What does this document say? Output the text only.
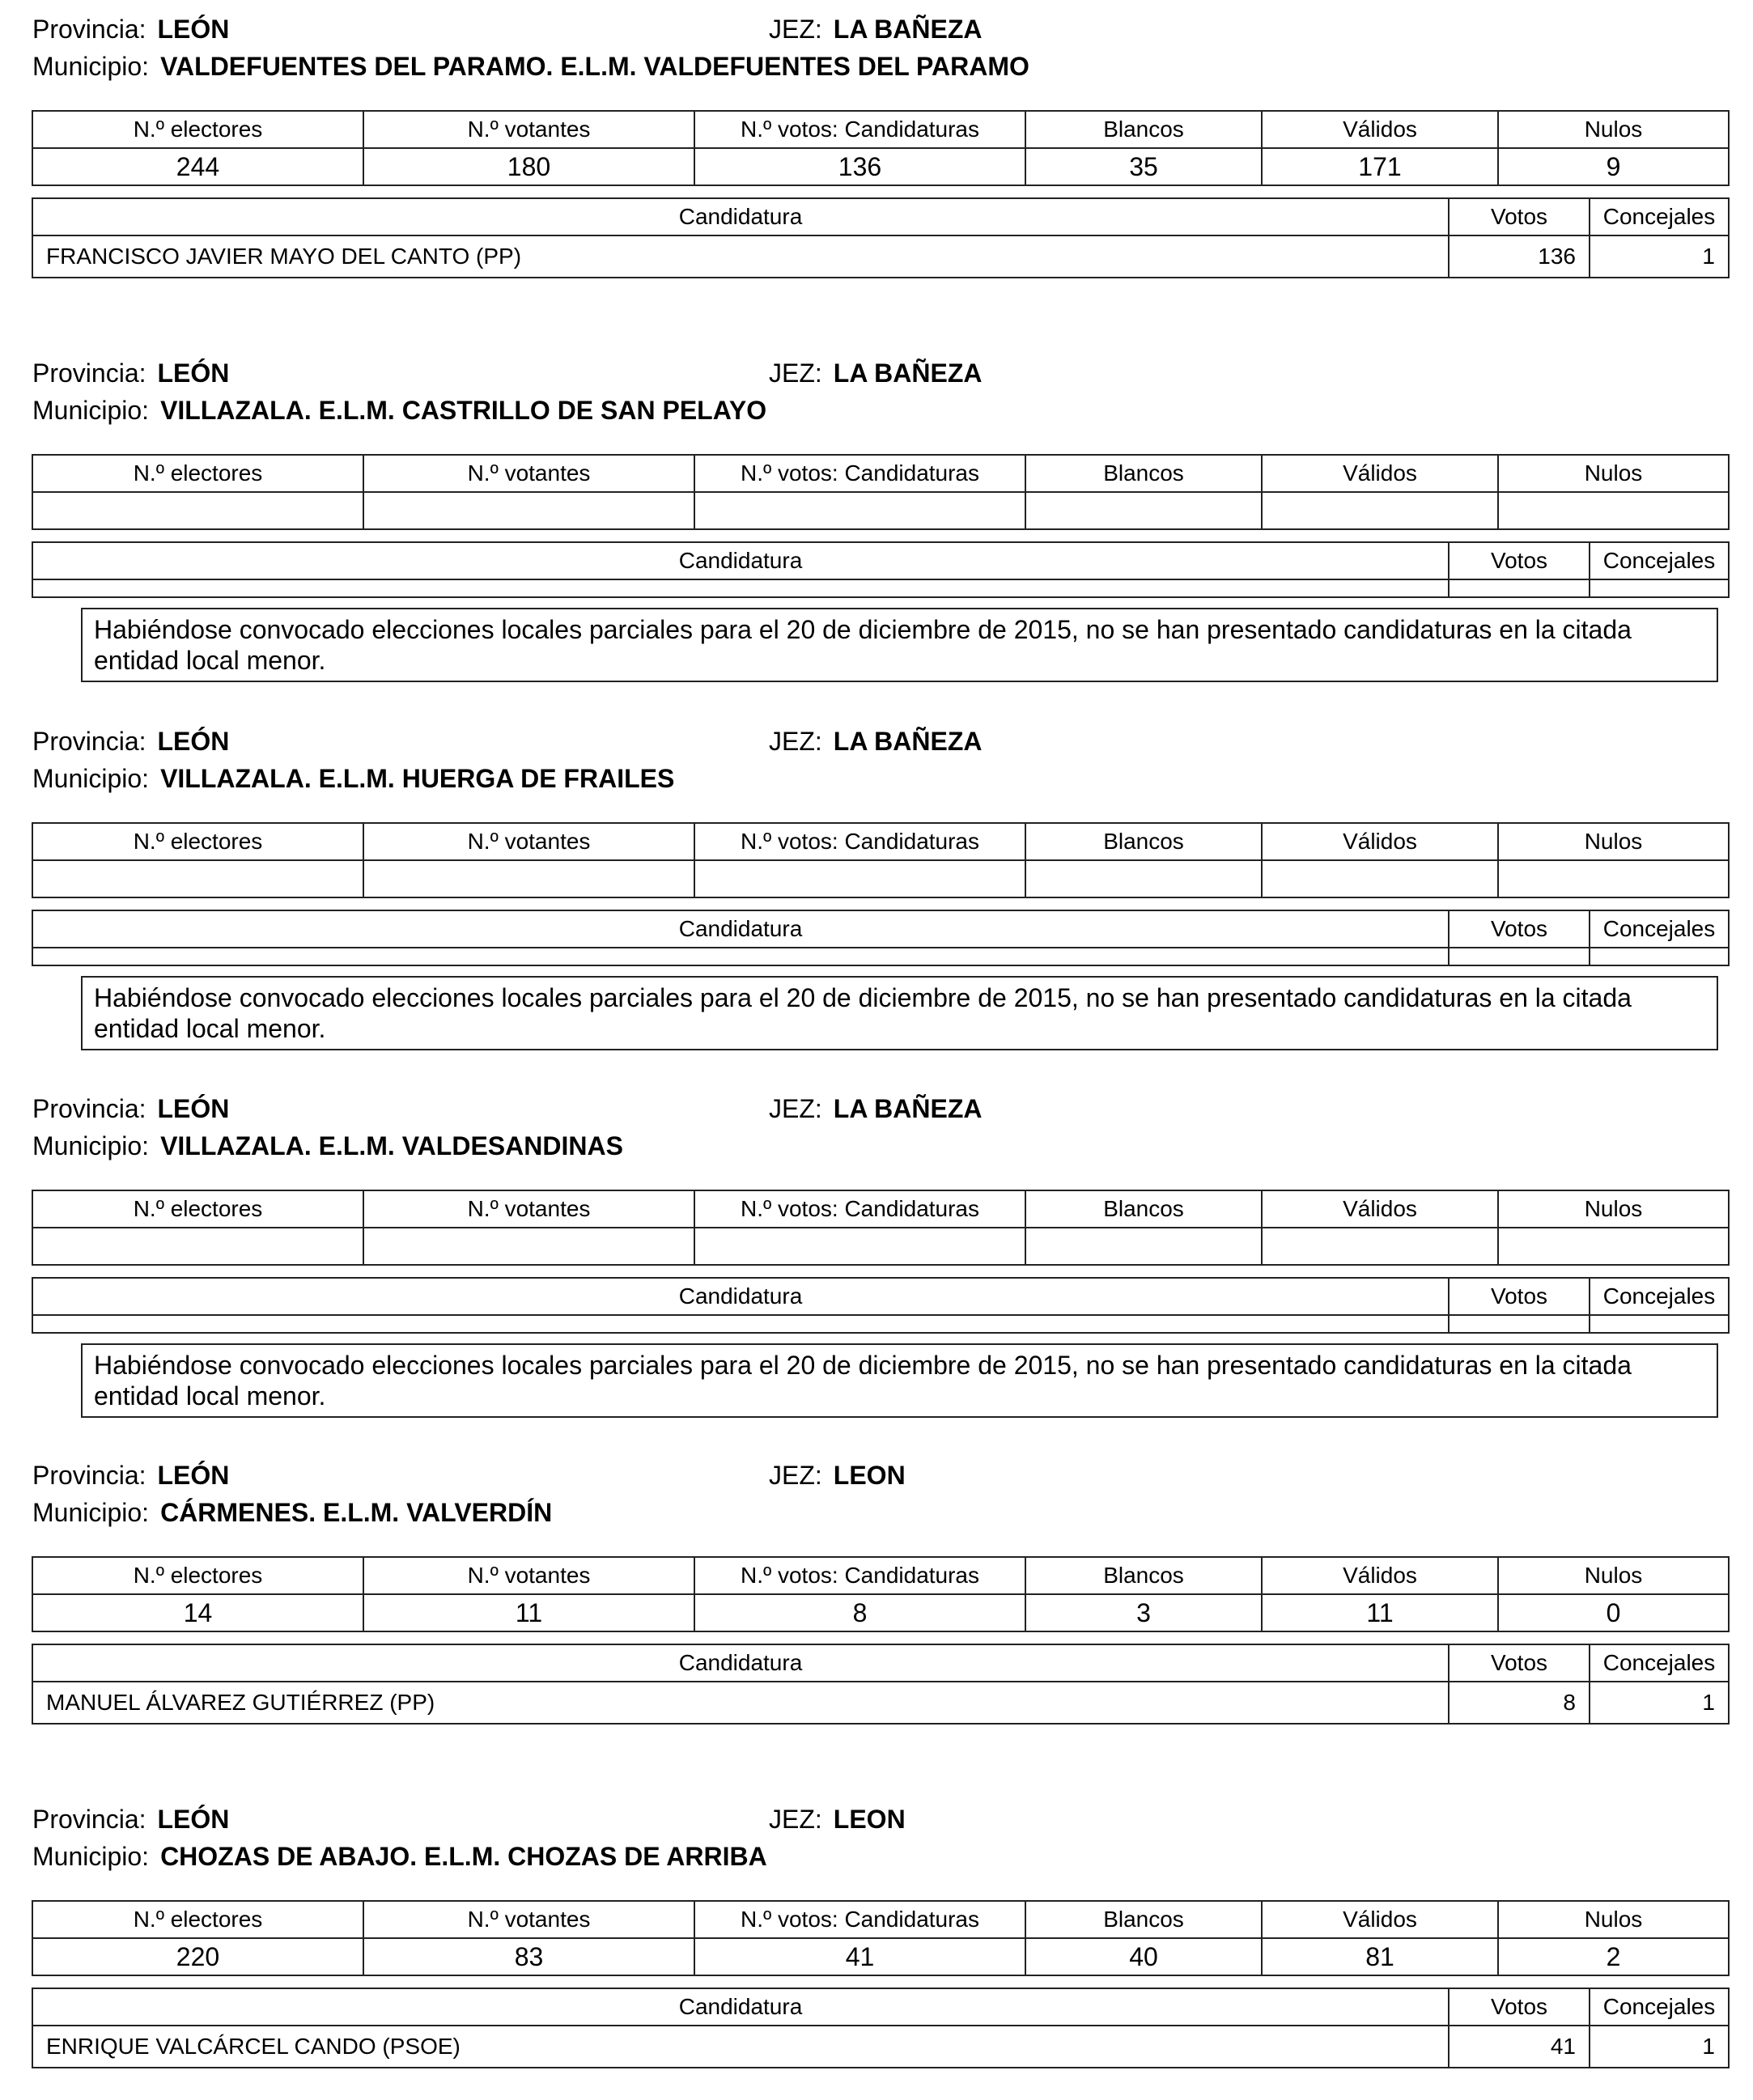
Provincia: LEÓN	JEZ: LA BAÑEZA
Municipio: VALDEFUENTES DEL PARAMO. E.L.M. VALDEFUENTES DEL PARAMO
N.º electores	N.º votantes	N.º votos: Candidaturas	Blancos	Válidos	Nulos
244	180	136	35	171	9
Candidatura	Votos	Concejales
FRANCISCO JAVIER MAYO DEL CANTO (PP)	136	1
Provincia: LEÓN	JEZ: LA BAÑEZA
Municipio: VILLAZALA. E.L.M. CASTRILLO DE SAN PELAYO
N.º electores	N.º votantes	N.º votos: Candidaturas	Blancos	Válidos	Nulos

Candidatura	Votos	Concejales

Habiéndose convocado elecciones locales parciales para el 20 de diciembre de 2015, no se han presentado candidaturas en la citada entidad local menor.
Provincia: LEÓN	JEZ: LA BAÑEZA
Municipio: VILLAZALA. E.L.M. HUERGA DE FRAILES
N.º electores	N.º votantes	N.º votos: Candidaturas	Blancos	Válidos	Nulos

Candidatura	Votos	Concejales

Habiéndose convocado elecciones locales parciales para el 20 de diciembre de 2015, no se han presentado candidaturas en la citada entidad local menor.
Provincia: LEÓN	JEZ: LA BAÑEZA
Municipio: VILLAZALA. E.L.M. VALDESANDINAS
N.º electores	N.º votantes	N.º votos: Candidaturas	Blancos	Válidos	Nulos

Candidatura	Votos	Concejales

Habiéndose convocado elecciones locales parciales para el 20 de diciembre de 2015, no se han presentado candidaturas en la citada entidad local menor.
Provincia: LEÓN	JEZ: LEON
Municipio: CÁRMENES. E.L.M. VALVERDÍN
N.º electores	N.º votantes	N.º votos: Candidaturas	Blancos	Válidos	Nulos
14	11	8	3	11	0
Candidatura	Votos	Concejales
MANUEL ÁLVAREZ GUTIÉRREZ (PP)	8	1
Provincia: LEÓN	JEZ: LEON
Municipio: CHOZAS DE ABAJO. E.L.M. CHOZAS DE ARRIBA
N.º electores	N.º votantes	N.º votos: Candidaturas	Blancos	Válidos	Nulos
220	83	41	40	81	2
Candidatura	Votos	Concejales
ENRIQUE VALCÁRCEL CANDO (PSOE)	41	1
